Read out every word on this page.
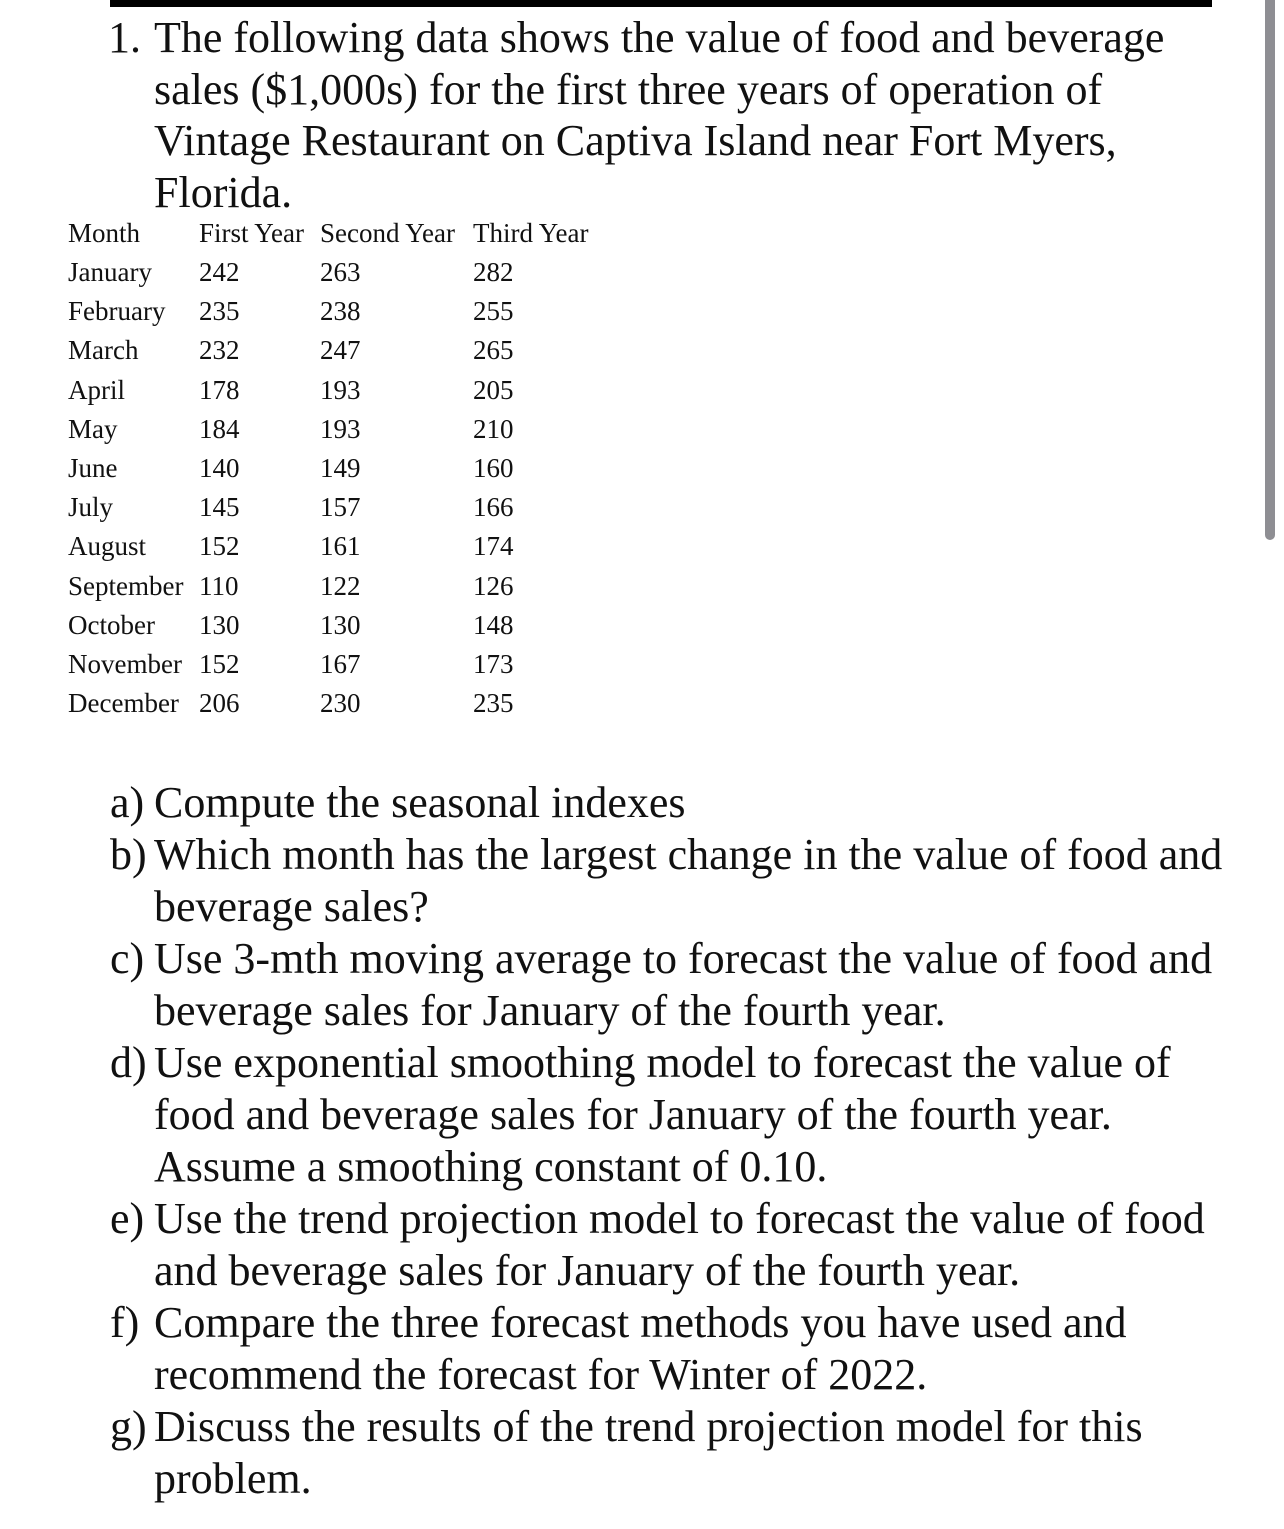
1. The following data shows the value of food and beverage sales ($1,000s) for the first three years of operation of Vintage Restaurant on Captiva Island near Fort Myers, Florida.
Month	First Year	Second Year	Third Year
January	242	263	282
February	235	238	255
March	232	247	265
April	178	193	205
May	184	193	210
June	140	149	160
July	145	157	166
August	152	161	174
September	110	122	126
October	130	130	148
November	152	167	173
December	206	230	235
a) Compute the seasonal indexes
b) Which month has the largest change in the value of food and beverage sales?
c) Use 3-mth moving average to forecast the value of food and beverage sales for January of the fourth year.
d) Use exponential smoothing model to forecast the value of food and beverage sales for January of the fourth year. Assume a smoothing constant of 0.10.
e) Use the trend projection model to forecast the value of food and beverage sales for January of the fourth year.
f) Compare the three forecast methods you have used and recommend the forecast for Winter of 2022.
g) Discuss the results of the trend projection model for this problem.
